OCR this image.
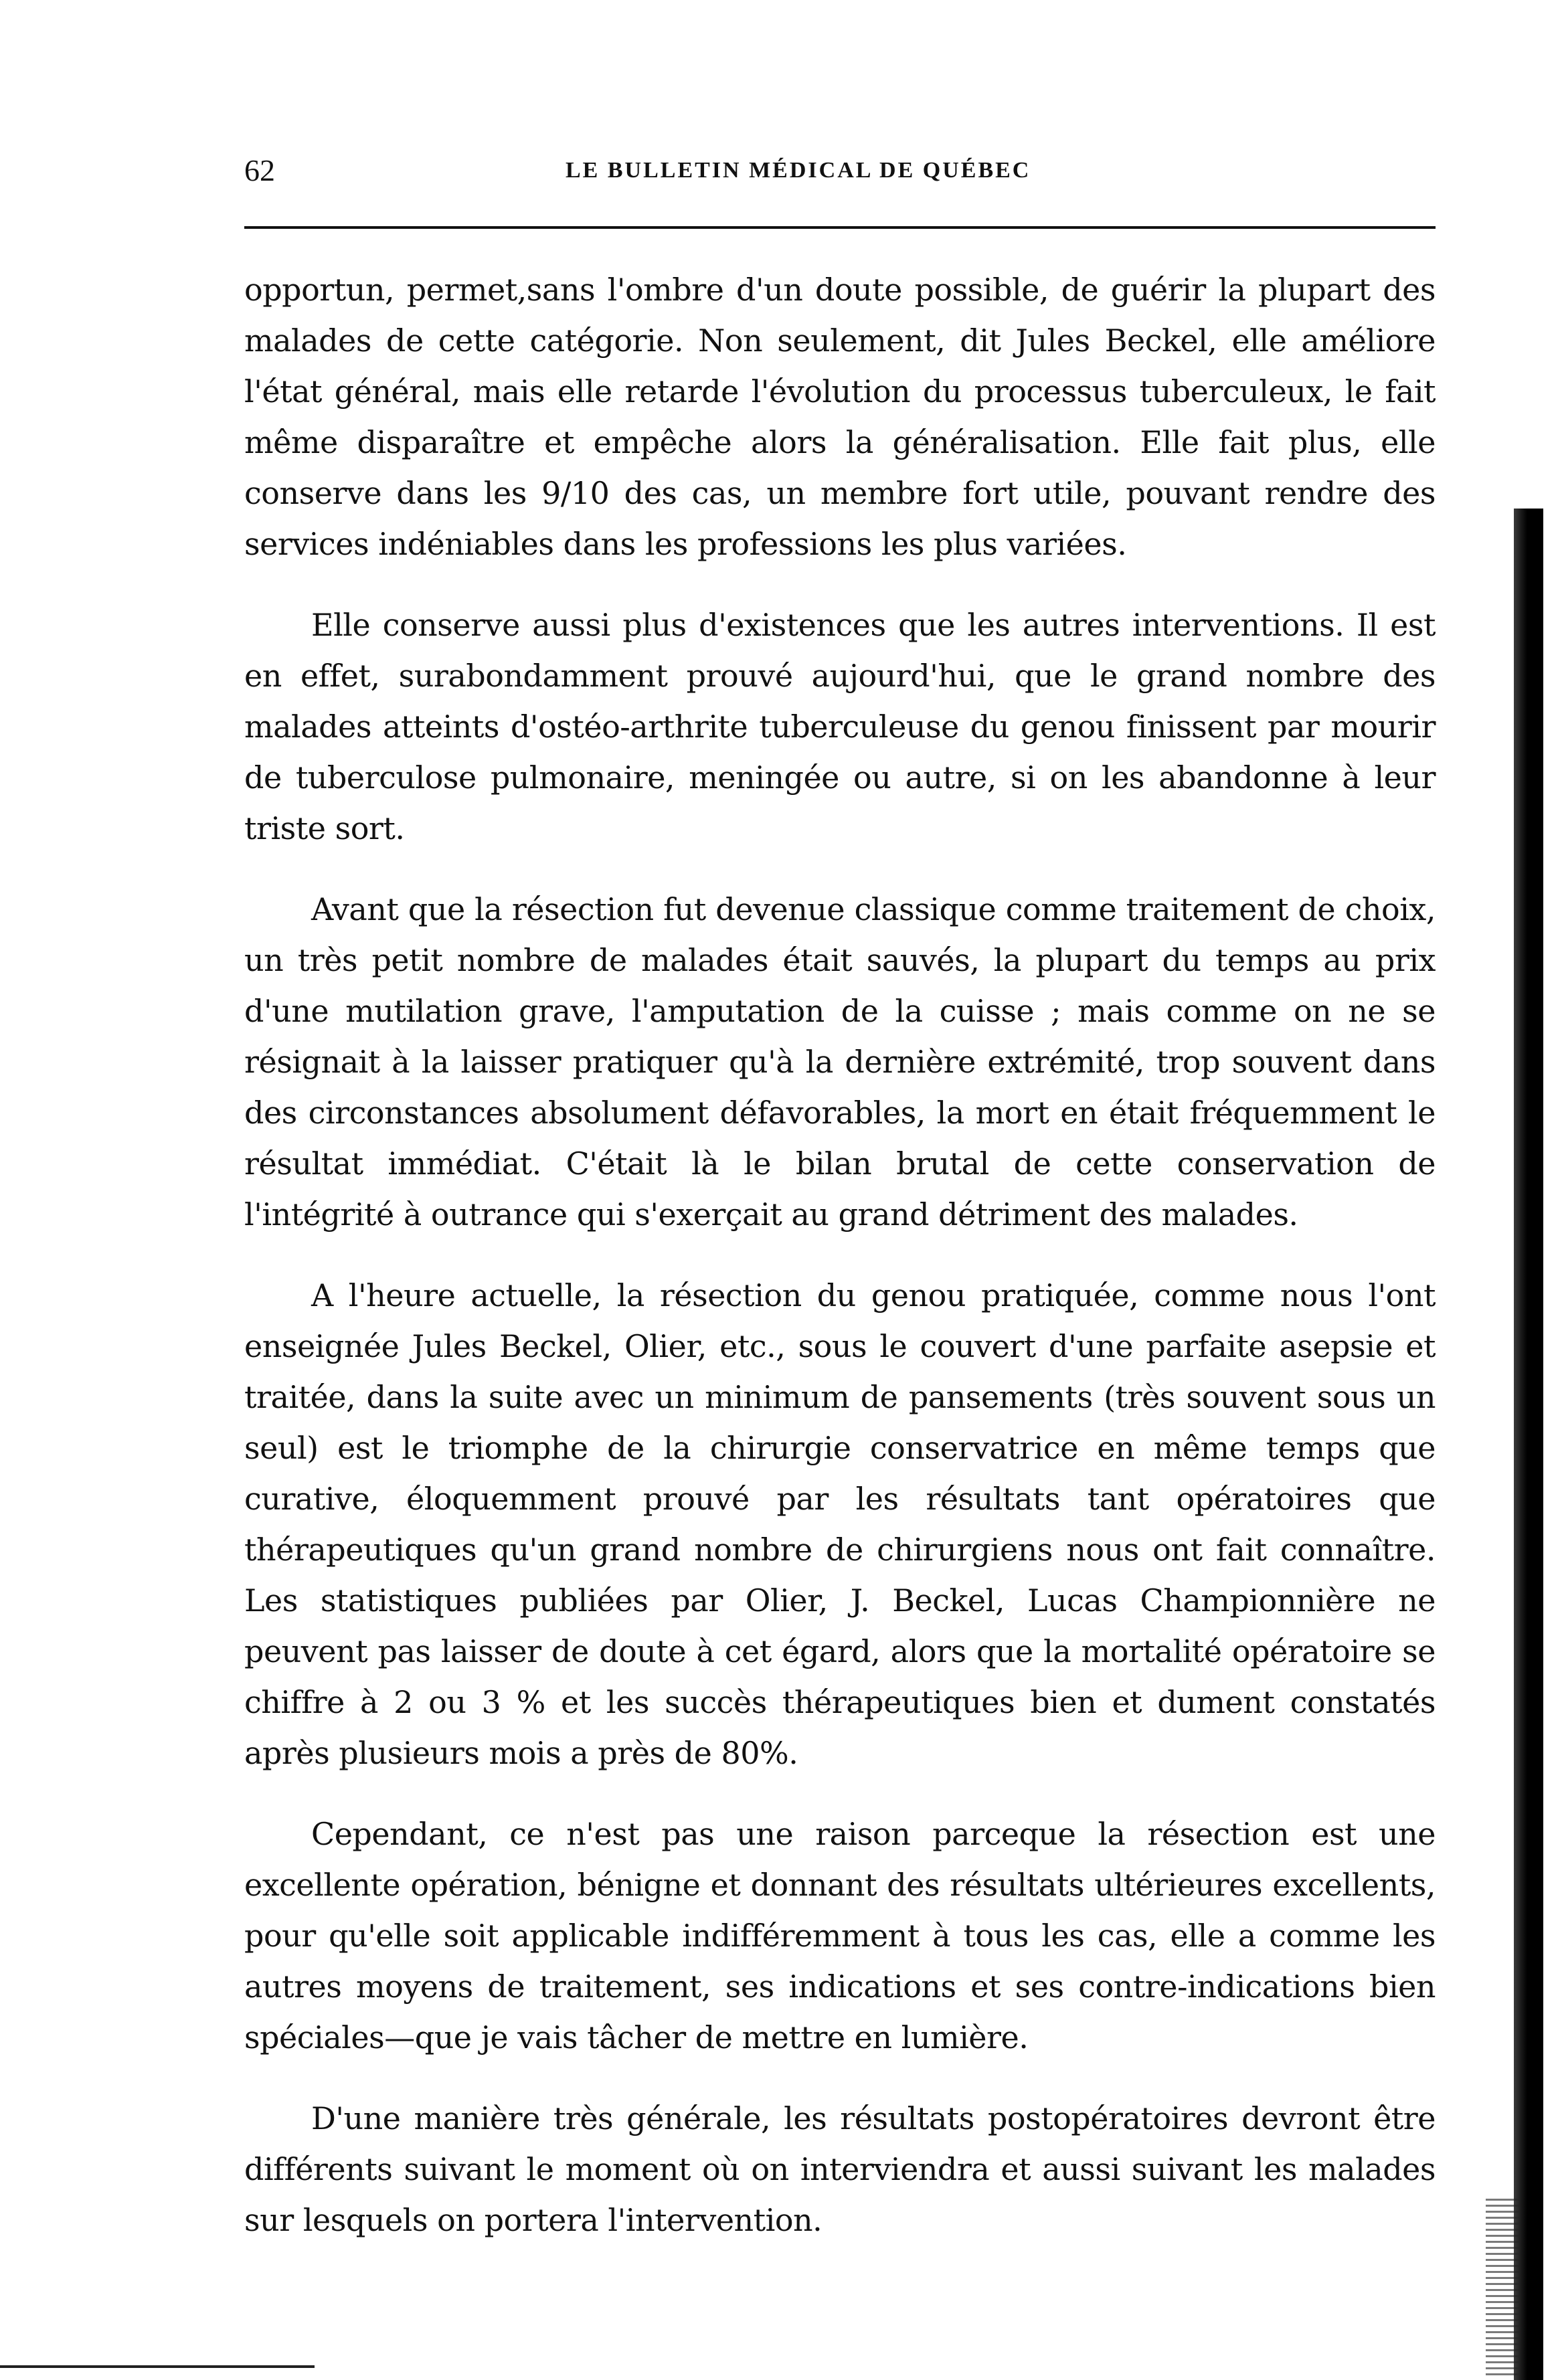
62	LE BULLETIN MÉDICAL DE QUÉBEC

opportun, permet,sans l'ombre d'un doute possible, de guérir la plupart des malades de cette catégorie. Non seulement, dit Jules Beckel, elle améliore l'état général, mais elle retarde l'évolution du processus tuberculeux, le fait même disparaître et empêche alors la généralisation. Elle fait plus, elle conserve dans les 9/10 des cas, un membre fort utile, pouvant rendre des services indéniables dans les professions les plus variées.

Elle conserve aussi plus d'existences que les autres interventions. Il est en effet, surabondamment prouvé aujourd'hui, que le grand nombre des malades atteints d'ostéo-arthrite tuberculeuse du genou finissent par mourir de tuberculose pulmonaire, meningée ou autre, si on les abandonne à leur triste sort.

Avant que la résection fut devenue classique comme traitement de choix, un très petit nombre de malades était sauvés, la plupart du temps au prix d'une mutilation grave, l'amputation de la cuisse ; mais comme on ne se résignait à la laisser pratiquer qu'à la dernière extrémité, trop souvent dans des circonstances absolument défavorables, la mort en était fréquemment le résultat immédiat. C'était là le bilan brutal de cette conservation de l'intégrité à outrance qui s'exerçait au grand détriment des malades.

A l'heure actuelle, la résection du genou pratiquée, comme nous l'ont enseignée Jules Beckel, Olier, etc., sous le couvert d'une parfaite asepsie et traitée, dans la suite avec un minimum de pansements (très souvent sous un seul) est le triomphe de la chirurgie conservatrice en même temps que curative, éloquemment prouvé par les résultats tant opératoires que thérapeutiques qu'un grand nombre de chirurgiens nous ont fait connaître. Les statistiques publiées par Olier, J. Beckel, Lucas Championnière ne peuvent pas laisser de doute à cet égard, alors que la mortalité opératoire se chiffre à 2 ou 3 % et les succès thérapeutiques bien et dument constatés après plusieurs mois a près de 80%.

Cependant, ce n'est pas une raison parceque la résection est une excellente opération, bénigne et donnant des résultats ultérieures excellents, pour qu'elle soit applicable indifféremment à tous les cas, elle a comme les autres moyens de traitement, ses indications et ses contre-indications bien spéciales—que je vais tâcher de mettre en lumière.

D'une manière très générale, les résultats postopératoires devront être différents suivant le moment où on interviendra et aussi suivant les malades sur lesquels on portera l'intervention.
